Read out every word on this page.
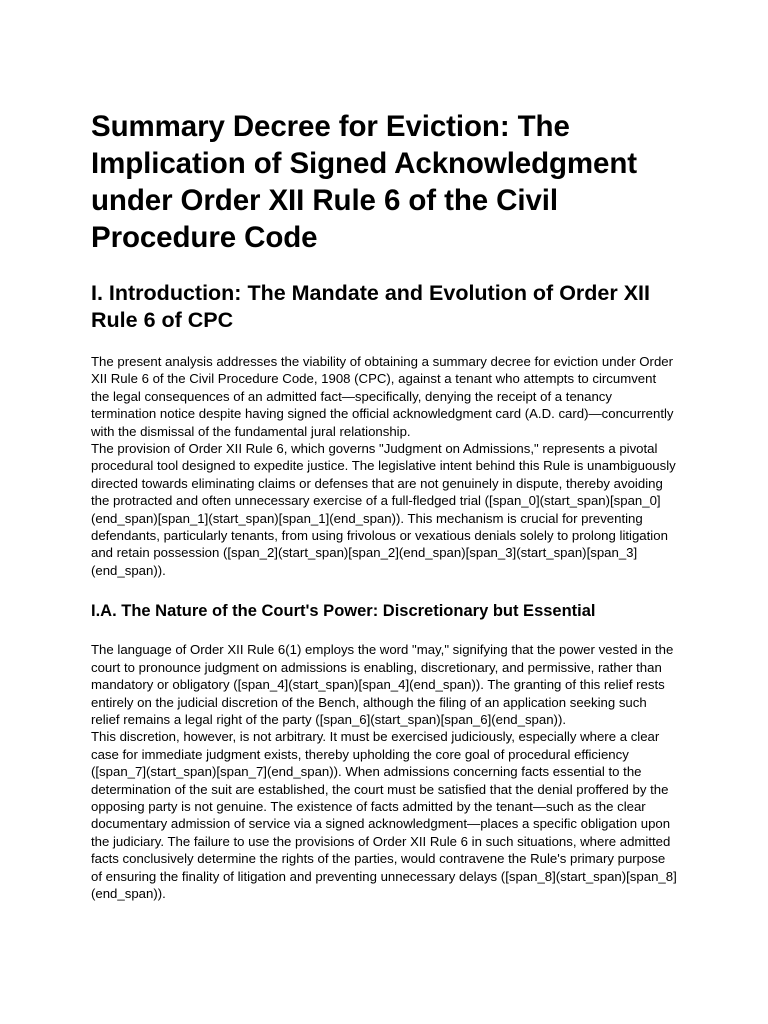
Summary Decree for Eviction: The Implication of Signed Acknowledgment under Order XII Rule 6 of the Civil Procedure Code
I. Introduction: The Mandate and Evolution of Order XII Rule 6 of CPC

The present analysis addresses the viability of obtaining a summary decree for eviction under Order XII Rule 6 of the Civil Procedure Code, 1908 (CPC), against a tenant who attempts to circumvent the legal consequences of an admitted fact—specifically, denying the receipt of a tenancy termination notice despite having signed the official acknowledgment card (A.D. card)—concurrently with the dismissal of the fundamental jural relationship.

The provision of Order XII Rule 6, which governs "Judgment on Admissions," represents a pivotal procedural tool designed to expedite justice. The legislative intent behind this Rule is unambiguously directed towards eliminating claims or defenses that are not genuinely in dispute, thereby avoiding the protracted and often unnecessary exercise of a full-fledged trial ([span_0](start_span)[span_0](end_span)[span_1](start_span)[span_1](end_span)). This mechanism is crucial for preventing defendants, particularly tenants, from using frivolous or vexatious denials solely to prolong litigation and retain possession ([span_2](start_span)[span_2](end_span)[span_3](start_span)[span_3](end_span)).

I.A. The Nature of the Court's Power: Discretionary but Essential

The language of Order XII Rule 6(1) employs the word "may," signifying that the power vested in the court to pronounce judgment on admissions is enabling, discretionary, and permissive, rather than mandatory or obligatory ([span_4](start_span)[span_4](end_span)). The granting of this relief rests entirely on the judicial discretion of the Bench, although the filing of an application seeking such relief remains a legal right of the party ([span_6](start_span)[span_6](end_span)).

This discretion, however, is not arbitrary. It must be exercised judiciously, especially where a clear case for immediate judgment exists, thereby upholding the core goal of procedural efficiency ([span_7](start_span)[span_7](end_span)). When admissions concerning facts essential to the determination of the suit are established, the court must be satisfied that the denial proffered by the opposing party is not genuine. The existence of facts admitted by the tenant—such as the clear documentary admission of service via a signed acknowledgment—places a specific obligation upon the judiciary. The failure to use the provisions of Order XII Rule 6 in such situations, where admitted facts conclusively determine the rights of the parties, would contravene the Rule's primary purpose of ensuring the finality of litigation and preventing unnecessary delays ([span_8](start_span)[span_8](end_span)).
